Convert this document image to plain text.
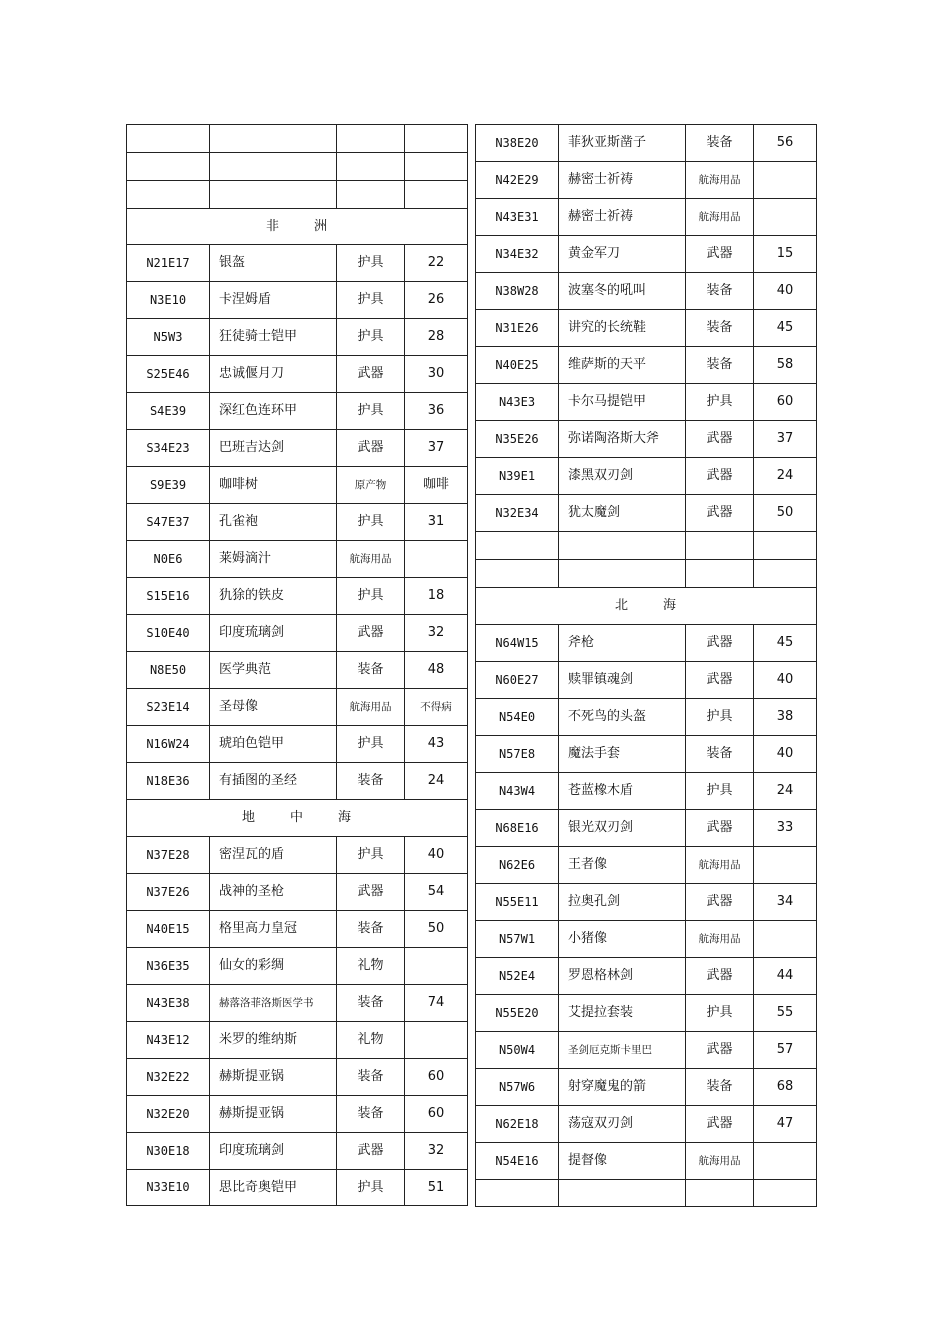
非 洲			
N21E17	银盔	护具	22
N3E10	卡涅姆盾	护具	26
N5W3	狂徒骑士铠甲	护具	28
S25E46	忠诚偃月刀	武器	30
S4E39	深红色连环甲	护具	36
S34E23	巴班吉达剑	武器	37
S9E39	咖啡树	原产物	咖啡
S47E37	孔雀袍	护具	31
N0E6	莱姆滴汁	航海用品	
S15E16	犰狳的铁皮	护具	18
S10E40	印度琉璃剑	武器	32
N8E50	医学典范	装备	48
S23E14	圣母像	航海用品	不得病
N16W24	琥珀色铠甲	护具	43
N18E36	有插图的圣经	装备	24
地 中 海			
N37E28	密涅瓦的盾	护具	40
N37E26	战神的圣枪	武器	54
N40E15	格里高力皇冠	装备	50
N36E35	仙女的彩绸	礼物	
N43E38	赫落洛菲洛斯医学书	装备	74
N43E12	米罗的维纳斯	礼物	
N32E22	赫斯提亚锅	装备	60
N32E20	赫斯提亚锅	装备	60
N30E18	印度琉璃剑	武器	32
N33E10	思比奇奥铠甲	护具	51
N38E20	菲狄亚斯凿子	装备	56
N42E29	赫密士祈祷	航海用品	
N43E31	赫密士祈祷	航海用品	
N34E32	黄金军刀	武器	15
N38W28	波塞冬的吼叫	装备	40
N31E26	讲究的长统鞋	装备	45
N40E25	维萨斯的天平	装备	58
N43E3	卡尔马提铠甲	护具	60
N35E26	弥诺陶洛斯大斧	武器	37
N39E1	漆黑双刃剑	武器	24
N32E34	犹太魔剑	武器	50

北 海			
N64W15	斧枪	武器	45
N60E27	赎罪镇魂剑	武器	40
N54E0	不死鸟的头盔	护具	38
N57E8	魔法手套	装备	40
N43W4	苍蓝橡木盾	护具	24
N68E16	银光双刃剑	武器	33
N62E6	王者像	航海用品	
N55E11	拉奥孔剑	武器	34
N57W1	小猪像	航海用品	
N52E4	罗恩格林剑	武器	44
N55E20	艾提拉套装	护具	55
N50W4	圣剑厄克斯卡里巴	武器	57
N57W6	射穿魔鬼的箭	装备	68
N62E18	荡寇双刃剑	武器	47
N54E16	提督像	航海用品	
